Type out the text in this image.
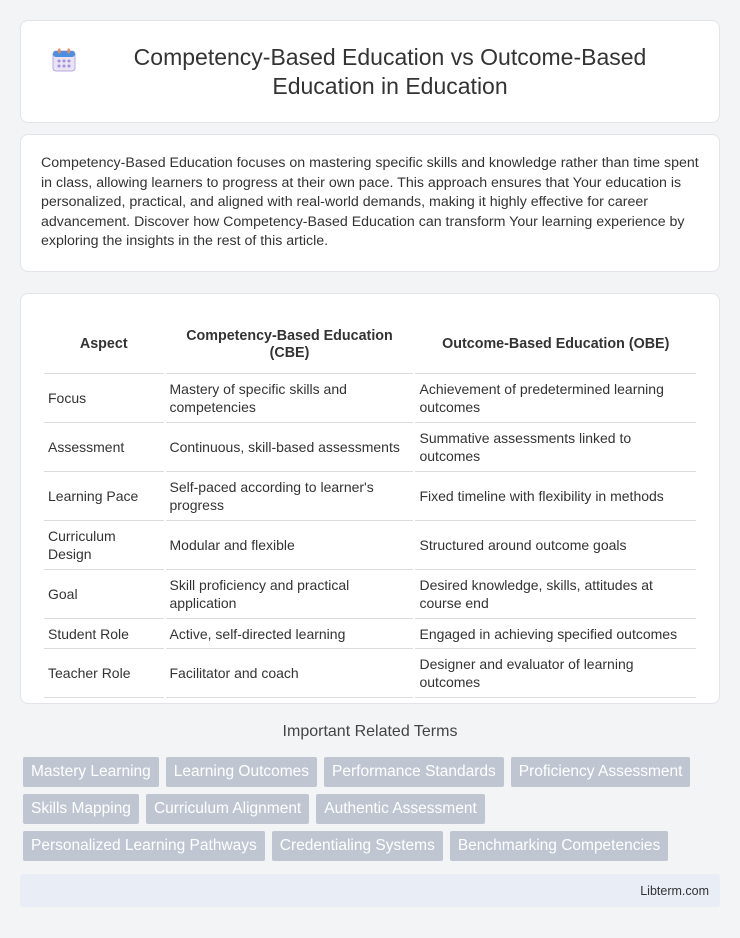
Competency-Based Education vs Outcome-Based Education in Education

Competency-Based Education focuses on mastering specific skills and knowledge rather than time spent in class, allowing learners to progress at their own pace. This approach ensures that Your education is personalized, practical, and aligned with real-world demands, making it highly effective for career advancement. Discover how Competency-Based Education can transform Your learning experience by exploring the insights in the rest of this article.

Aspect	Competency-Based Education (CBE)	Outcome-Based Education (OBE)
Focus	Mastery of specific skills and competencies	Achievement of predetermined learning outcomes
Assessment	Continuous, skill-based assessments	Summative assessments linked to outcomes
Learning Pace	Self-paced according to learner's progress	Fixed timeline with flexibility in methods
Curriculum Design	Modular and flexible	Structured around outcome goals
Goal	Skill proficiency and practical application	Desired knowledge, skills, attitudes at course end
Student Role	Active, self-directed learning	Engaged in achieving specified outcomes
Teacher Role	Facilitator and coach	Designer and evaluator of learning outcomes
Important Related Terms
Mastery Learning	Learning Outcomes	Performance Standards	Proficiency Assessment
Skills Mapping	Curriculum Alignment	Authentic Assessment
Personalized Learning Pathways	Credentialing Systems	Benchmarking Competencies
Libterm.com
